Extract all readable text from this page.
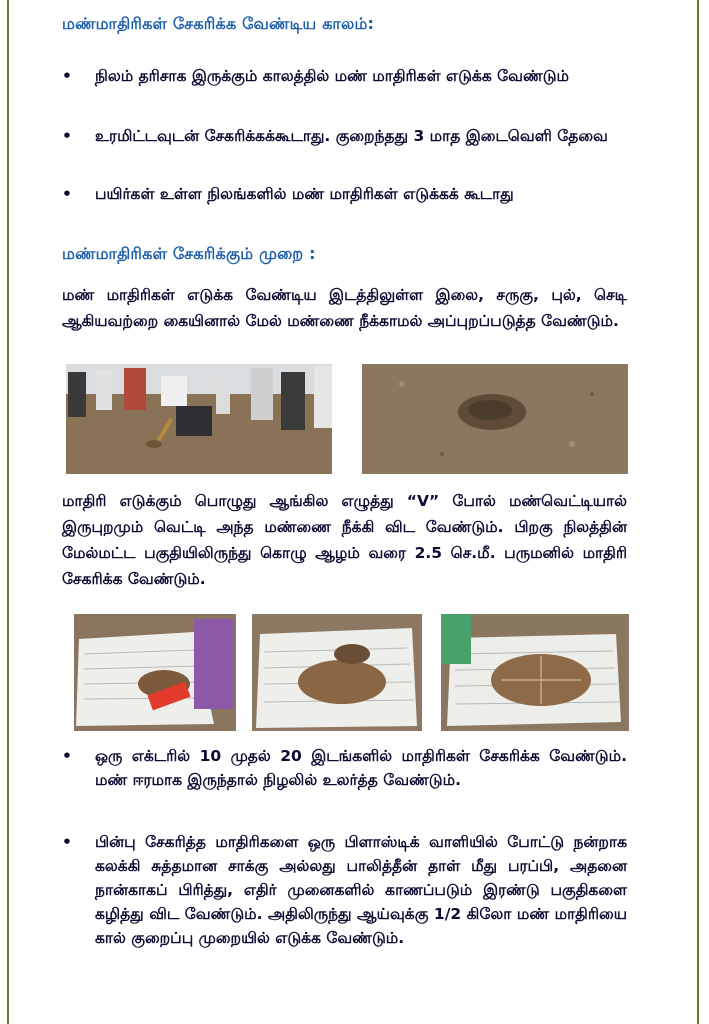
மண்மாதிரிகள் சேகரிக்க வேண்டிய காலம்:
• நிலம் தரிசாக இருக்கும் காலத்தில் மண் மாதிரிகள் எடுக்க வேண்டும்
• உரமிட்டவுடன் சேகரிக்கக்கூடாது. குறைந்தது 3 மாத இடைவெளி தேவை
• பயிர்கள் உள்ள நிலங்களில் மண் மாதிரிகள் எடுக்கக் கூடாது
மண்மாதிரிகள் சேகரிக்கும் முறை :
மண் மாதிரிகள் எடுக்க வேண்டிய இடத்திலுள்ள இலை, சருகு, புல், செடி ஆகியவற்றை கையினால் மேல் மண்ணை நீக்காமல் அப்புறப்படுத்த வேண்டும்.
மாதிரி எடுக்கும் பொழுது ஆங்கில எழுத்து “V” போல் மண்வெட்டியால் இருபுறமும் வெட்டி அந்த மண்ணை நீக்கி விட வேண்டும். பிறகு நிலத்தின் மேல்மட்ட பகுதியிலிருந்து கொழு ஆழம் வரை 2.5 செ.மீ. பருமனில் மாதிரி சேகரிக்க வேண்டும்.
• ஒரு எக்டரில் 10 முதல் 20 இடங்களில் மாதிரிகள் சேகரிக்க வேண்டும். மண் ஈரமாக இருந்தால் நிழலில் உலர்த்த வேண்டும்.
• பின்பு சேகரித்த மாதிரிகளை ஒரு பிளாஸ்டிக் வாளியில் போட்டு நன்றாக கலக்கி சுத்தமான சாக்கு அல்லது பாலித்தீன் தாள் மீது பரப்பி, அதனை நான்காகப் பிரித்து, எதிர் முனைகளில் காணப்படும் இரண்டு பகுதிகளை கழித்து விட வேண்டும். அதிலிருந்து ஆய்வுக்கு 1/2 கிலோ மண் மாதிரியை கால் குறைப்பு முறையில் எடுக்க வேண்டும்.
